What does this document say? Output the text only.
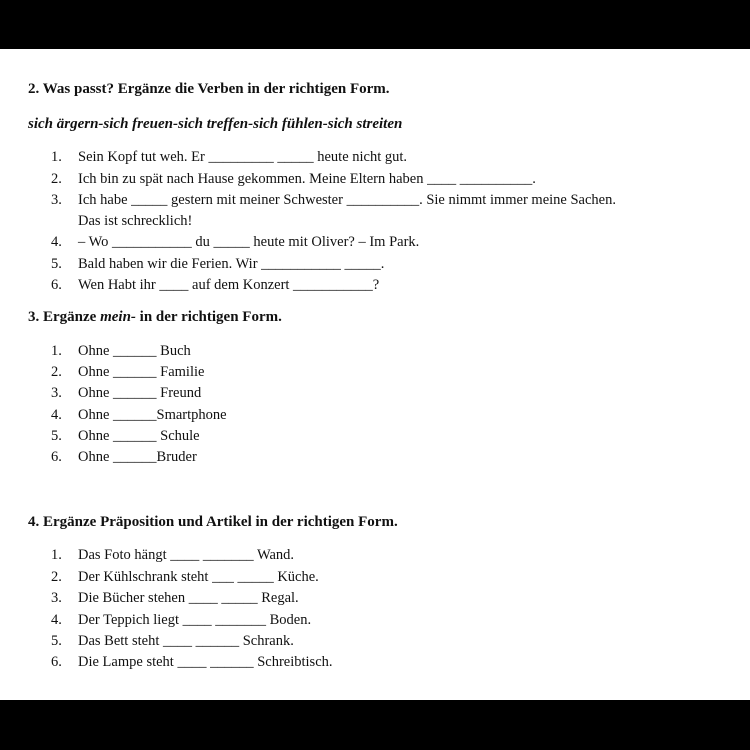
2. Was passt? Ergänze die Verben in der richtigen Form.
sich ärgern-sich freuen-sich treffen-sich fühlen-sich streiten
1. Sein Kopf tut weh. Er _________ _____ heute nicht gut.
2. Ich bin zu spät nach Hause gekommen. Meine Eltern haben ____ __________.
3. Ich habe _____ gestern mit meiner Schwester __________. Sie nimmt immer meine Sachen.
Das ist schrecklich!
4. – Wo ___________ du _____ heute mit Oliver? – Im Park.
5. Bald haben wir die Ferien. Wir ___________ _____.
6. Wen Habt ihr ____ auf dem Konzert ___________?
3. Ergänze mein- in der richtigen Form.
1. Ohne ______ Buch
2. Ohne ______ Familie
3. Ohne ______ Freund
4. Ohne ______Smartphone
5. Ohne ______ Schule
6. Ohne ______Bruder
4. Ergänze Präposition und Artikel in der richtigen Form.
1. Das Foto hängt ____ _______ Wand.
2. Der Kühlschrank steht ___ _____ Küche.
3. Die Bücher stehen ____ _____ Regal.
4. Der Teppich liegt ____ _______ Boden.
5. Das Bett steht ____ ______ Schrank.
6. Die Lampe steht ____ ______ Schreibtisch.
